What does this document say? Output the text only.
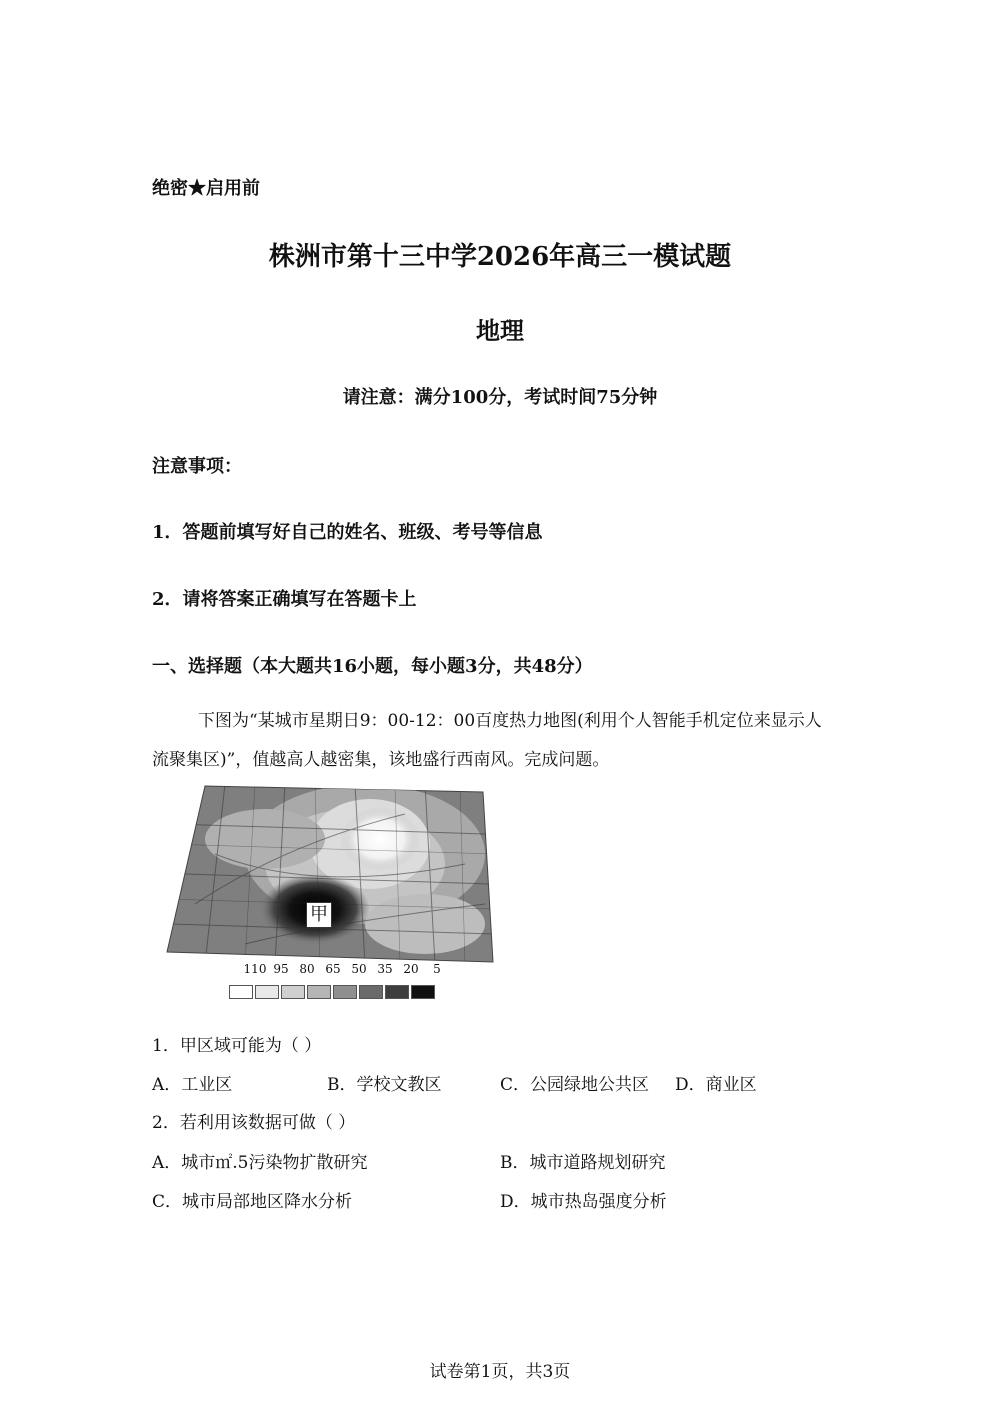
绝密★启用前
株洲市第十三中学2026年高三一模试题
地理
请注意：满分100分，考试时间75分钟
注意事项：
1．答题前填写好自己的姓名、班级、考号等信息
2．请将答案正确填写在答题卡上
一、选择题（本大题共16小题，每小题3分，共48分）
下图为“某城市星期日9：00-12：00百度热力地图(利用个人智能手机定位来显示人
流聚集区)”，值越高人越密集，该地盛行西南风。完成问题。
甲
110 95 80 65 50 35 20	5
1．甲区域可能为（ ）
A．工业区	B．学校文教区	C．公园绿地公共区 D．商业区
2．若利用该数据可做（ ）
A．城市㎡.5污染物扩散研究	B．城市道路规划研究
C．城市局部地区降水分析	D．城市热岛强度分析
试卷第1页，共3页
